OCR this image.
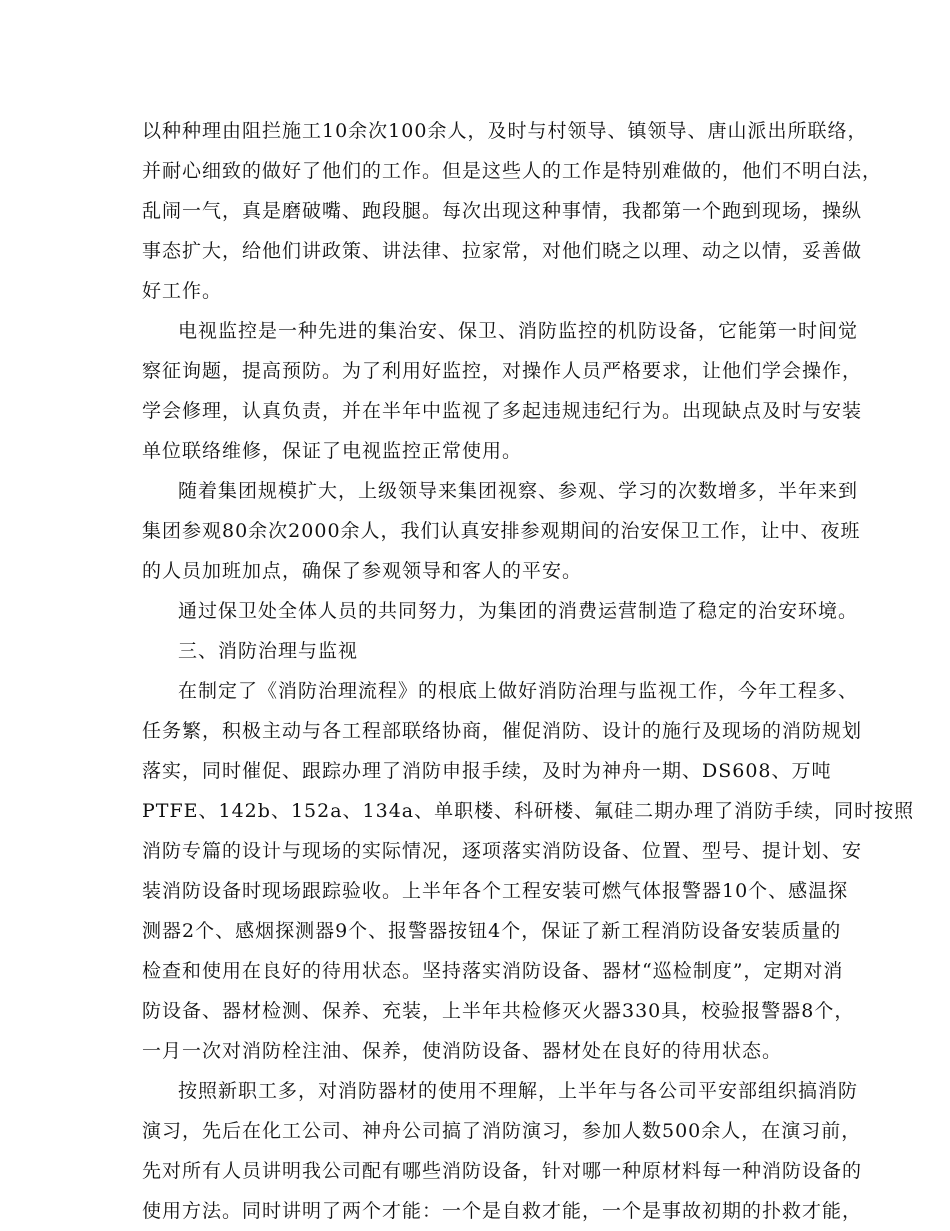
以种种理由阻拦施工10余次100余人，及时与村领导、镇领导、唐山派出所联络，
并耐心细致的做好了他们的工作。但是这些人的工作是特别难做的，他们不明白法，
乱闹一气，真是磨破嘴、跑段腿。每次出现这种事情，我都第一个跑到现场，操纵
事态扩大，给他们讲政策、讲法律、拉家常，对他们晓之以理、动之以情，妥善做
好工作。
电视监控是一种先进的集治安、保卫、消防监控的机防设备，它能第一时间觉
察征询题，提高预防。为了利用好监控，对操作人员严格要求，让他们学会操作，
学会修理，认真负责，并在半年中监视了多起违规违纪行为。出现缺点及时与安装
单位联络维修，保证了电视监控正常使用。
随着集团规模扩大，上级领导来集团视察、参观、学习的次数增多，半年来到
集团参观80余次2000余人，我们认真安排参观期间的治安保卫工作，让中、夜班
的人员加班加点，确保了参观领导和客人的平安。
通过保卫处全体人员的共同努力，为集团的消费运营制造了稳定的治安环境。
三、消防治理与监视
在制定了《消防治理流程》的根底上做好消防治理与监视工作，今年工程多、
任务繁，积极主动与各工程部联络协商，催促消防、设计的施行及现场的消防规划
落实，同时催促、跟踪办理了消防申报手续，及时为神舟一期、DS608、万吨
PTFE、142b、152a、134a、单职楼、科研楼、氟硅二期办理了消防手续，同时按照
消防专篇的设计与现场的实际情况，逐项落实消防设备、位置、型号、提计划、安
装消防设备时现场跟踪验收。上半年各个工程安装可燃气体报警器10个、感温探
测器2个、感烟探测器9个、报警器按钮4个，保证了新工程消防设备安装质量的
检查和使用在良好的待用状态。坚持落实消防设备、器材“巡检制度”，定期对消
防设备、器材检测、保养、充装，上半年共检修灭火器330具，校验报警器8个，
一月一次对消防栓注油、保养，使消防设备、器材处在良好的待用状态。
按照新职工多，对消防器材的使用不理解，上半年与各公司平安部组织搞消防
演习，先后在化工公司、神舟公司搞了消防演习，参加人数500余人，在演习前，
先对所有人员讲明我公司配有哪些消防设备，针对哪一种原材料每一种消防设备的
使用方法。同时讲明了两个才能：一个是自救才能，一个是事故初期的扑救才能，
